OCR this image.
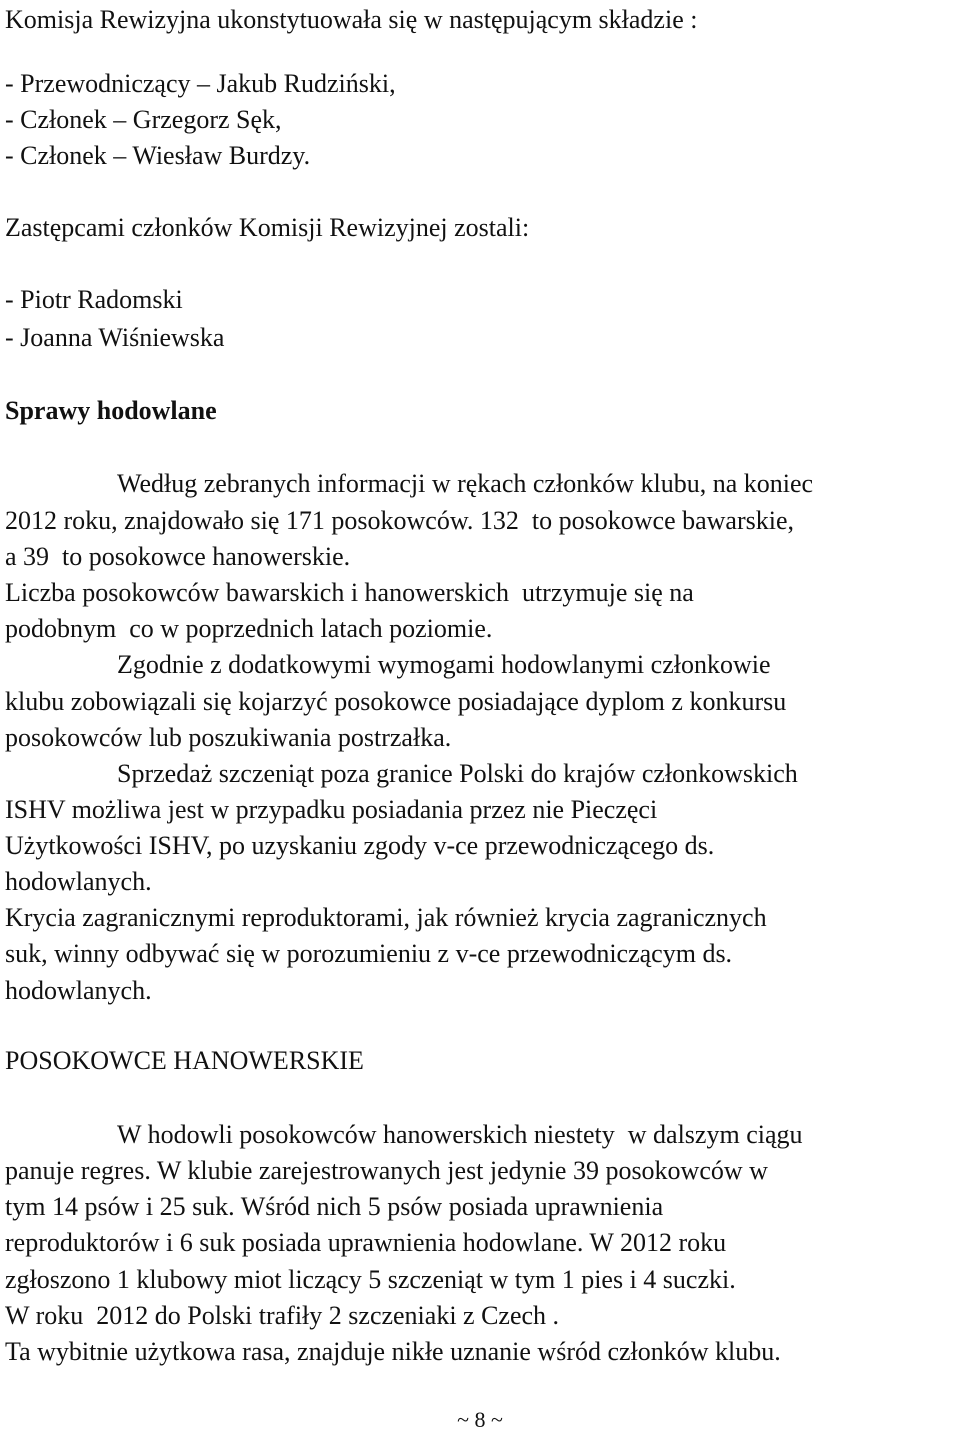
Komisja Rewizyjna ukonstytuowała się w następującym składzie :
- Przewodniczący – Jakub Rudziński,
- Członek – Grzegorz Sęk,
- Członek – Wiesław Burdzy.
Zastępcami członków Komisji Rewizyjnej zostali:
- Piotr Radomski
- Joanna Wiśniewska
Sprawy hodowlane
Według zebranych informacji w rękach członków klubu, na koniec
2012 roku, znajdowało się 171 posokowców. 132  to posokowce bawarskie,
a 39  to posokowce hanowerskie.
Liczba posokowców bawarskich i hanowerskich  utrzymuje się na
podobnym  co w poprzednich latach poziomie.
Zgodnie z dodatkowymi wymogami hodowlanymi członkowie
klubu zobowiązali się kojarzyć posokowce posiadające dyplom z konkursu
posokowców lub poszukiwania postrzałka.
Sprzedaż szczeniąt poza granice Polski do krajów członkowskich
ISHV możliwa jest w przypadku posiadania przez nie Pieczęci
Użytkowości ISHV, po uzyskaniu zgody v-ce przewodniczącego ds.
hodowlanych.
Krycia zagranicznymi reproduktorami, jak również krycia zagranicznych
suk, winny odbywać się w porozumieniu z v-ce przewodniczącym ds.
hodowlanych.
POSOKOWCE HANOWERSKIE
W hodowli posokowców hanowerskich niestety  w dalszym ciągu
panuje regres. W klubie zarejestrowanych jest jedynie 39 posokowców w
tym 14 psów i 25 suk. Wśród nich 5 psów posiada uprawnienia
reproduktorów i 6 suk posiada uprawnienia hodowlane. W 2012 roku
zgłoszono 1 klubowy miot liczący 5 szczeniąt w tym 1 pies i 4 suczki.
W roku  2012 do Polski trafiły 2 szczeniaki z Czech .
Ta wybitnie użytkowa rasa, znajduje nikłe uznanie wśród członków klubu.
~ 8 ~
